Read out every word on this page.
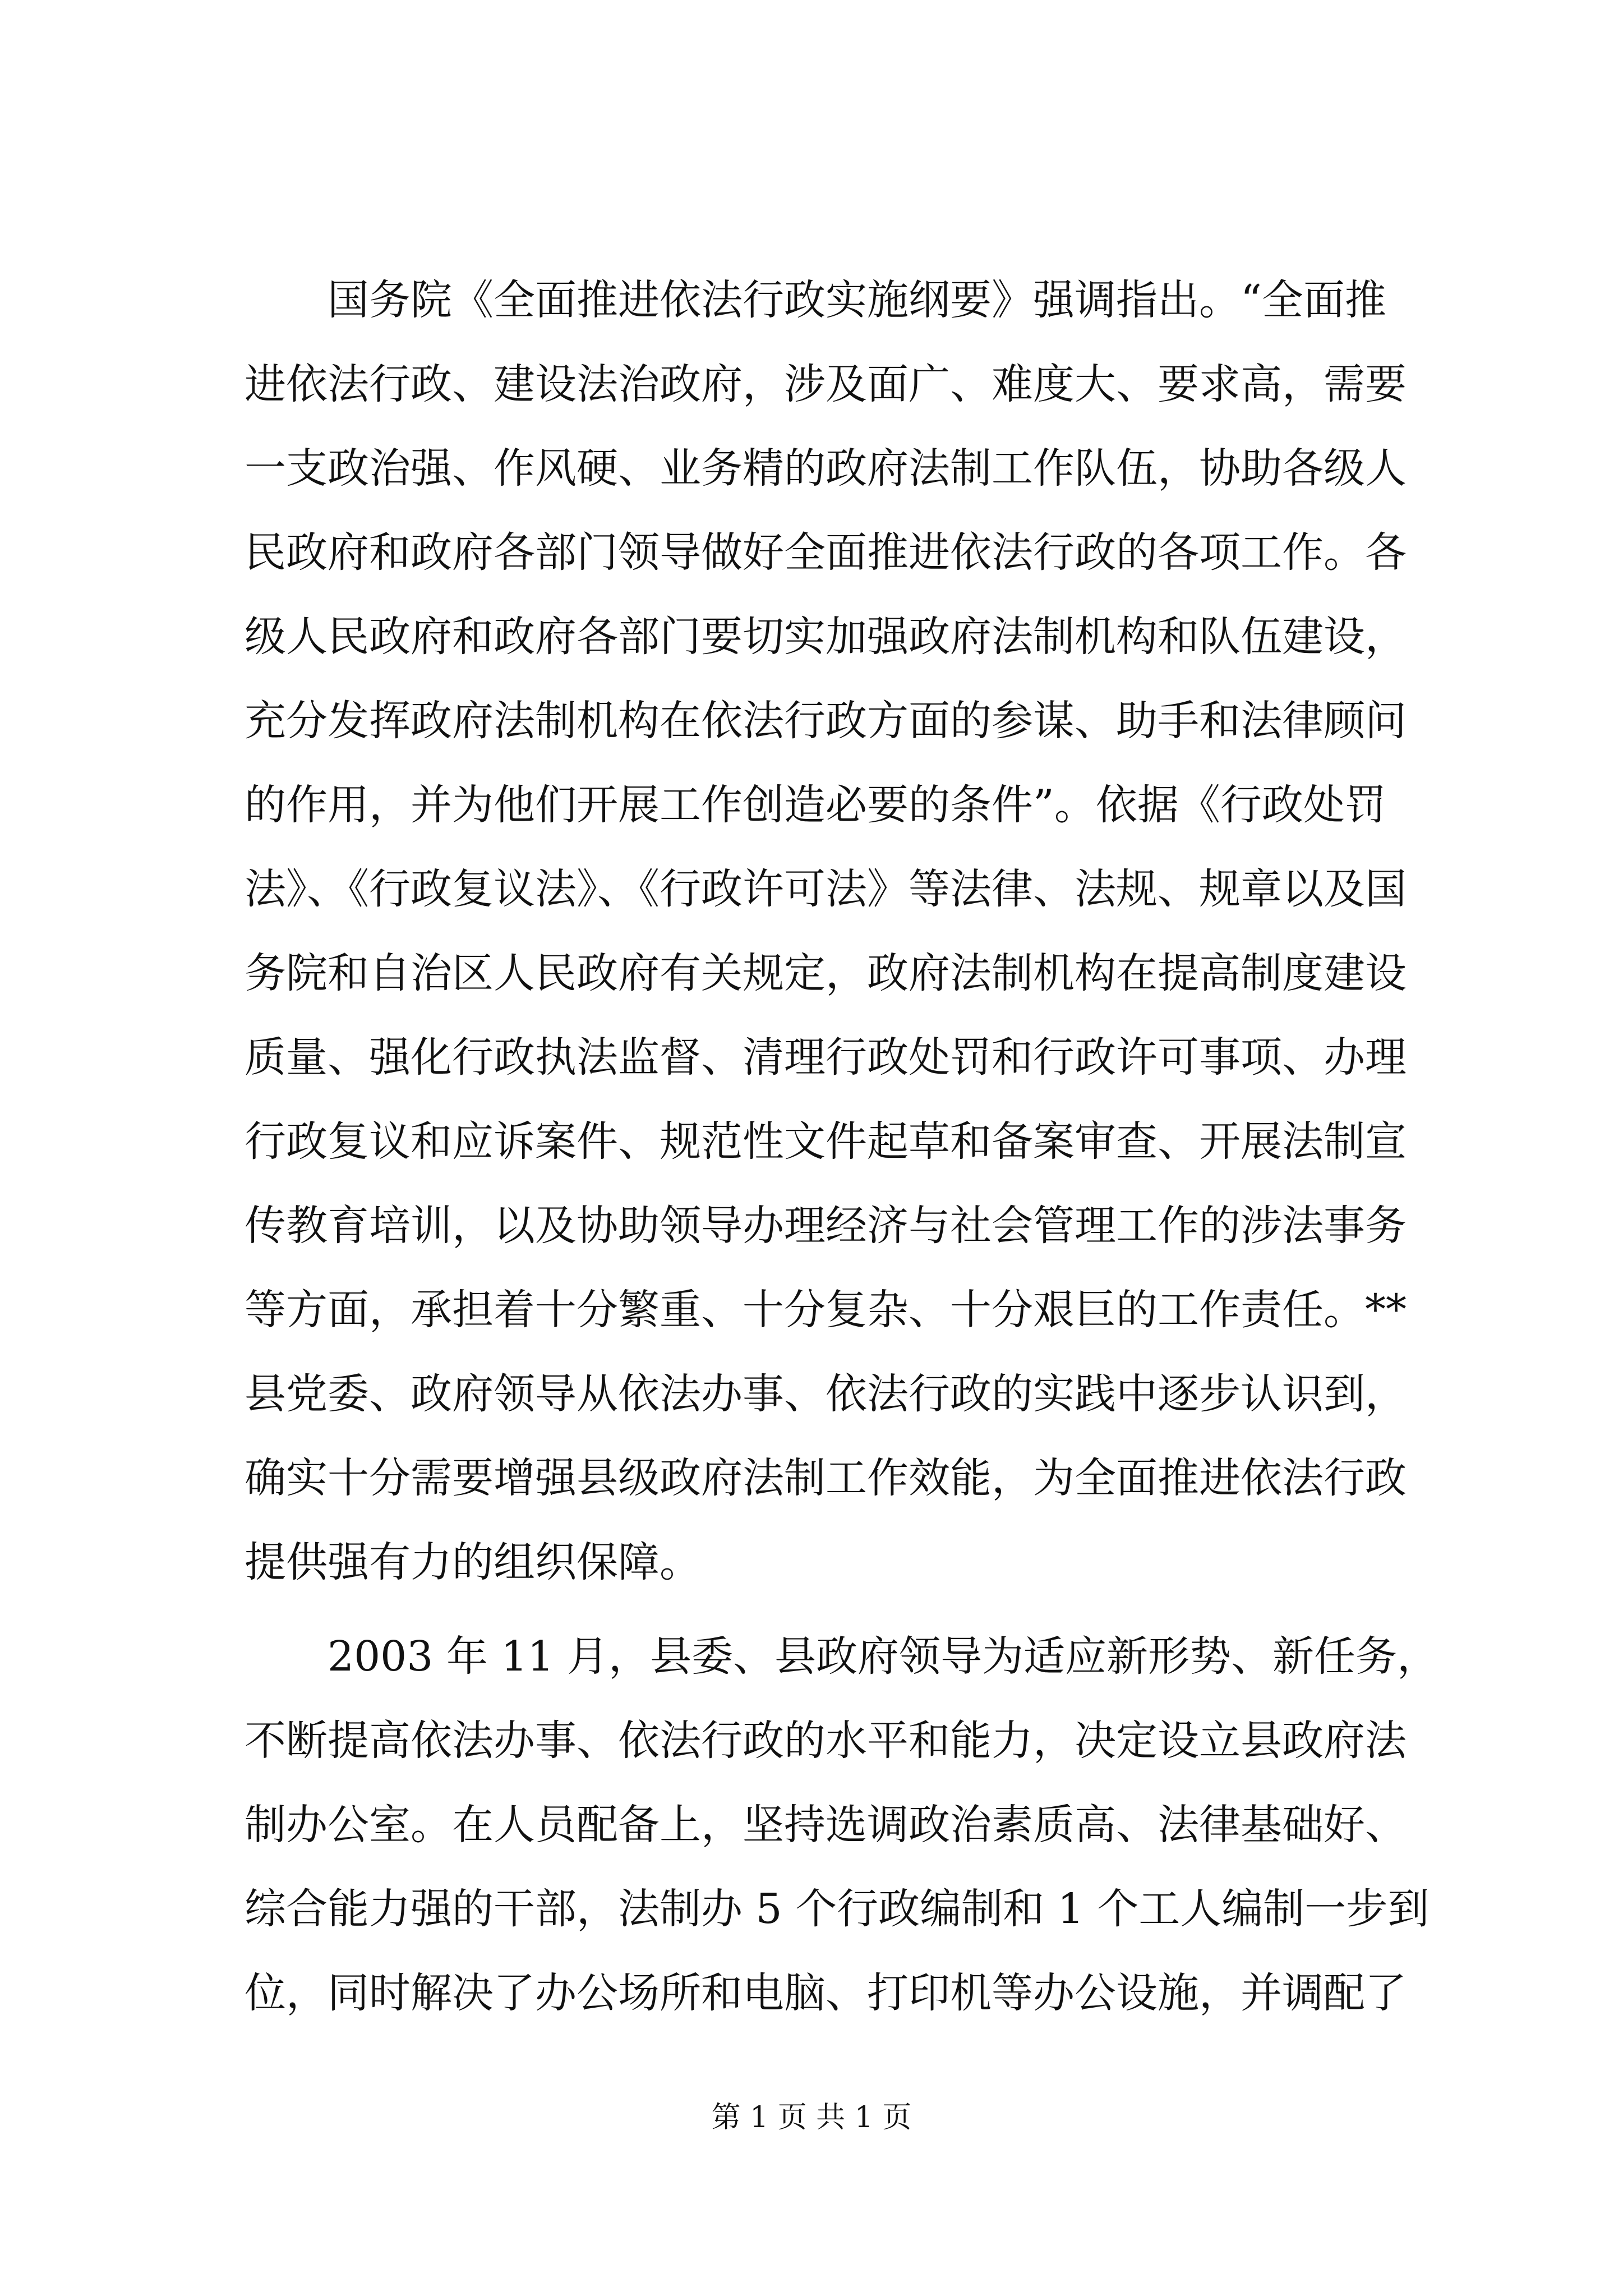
国务院《全面推进依法行政实施纲要》强调指出。“全面推
进依法行政、建设法治政府，涉及面广、难度大、要求高，需要
一支政治强、作风硬、业务精的政府法制工作队伍，协助各级人
民政府和政府各部门领导做好全面推进依法行政的各项工作。各
级人民政府和政府各部门要切实加强政府法制机构和队伍建设，
充分发挥政府法制机构在依法行政方面的参谋、助手和法律顾问
的作用，并为他们开展工作创造必要的条件”。依据《行政处罚
法》、《行政复议法》、《行政许可法》等法律、法规、规章以及国
务院和自治区人民政府有关规定，政府法制机构在提高制度建设
质量、强化行政执法监督、清理行政处罚和行政许可事项、办理
行政复议和应诉案件、规范性文件起草和备案审查、开展法制宣
传教育培训，以及协助领导办理经济与社会管理工作的涉法事务
等方面，承担着十分繁重、十分复杂、十分艰巨的工作责任。**
县党委、政府领导从依法办事、依法行政的实践中逐步认识到，
确实十分需要增强县级政府法制工作效能，为全面推进依法行政
提供强有力的组织保障。
2003 年 11 月，县委、县政府领导为适应新形势、新任务，
不断提高依法办事、依法行政的水平和能力，决定设立县政府法
制办公室。在人员配备上，坚持选调政治素质高、法律基础好、
综合能力强的干部，法制办 5 个行政编制和 1 个工人编制一步到
位，同时解决了办公场所和电脑、打印机等办公设施，并调配了
第 1 页 共 1 页
